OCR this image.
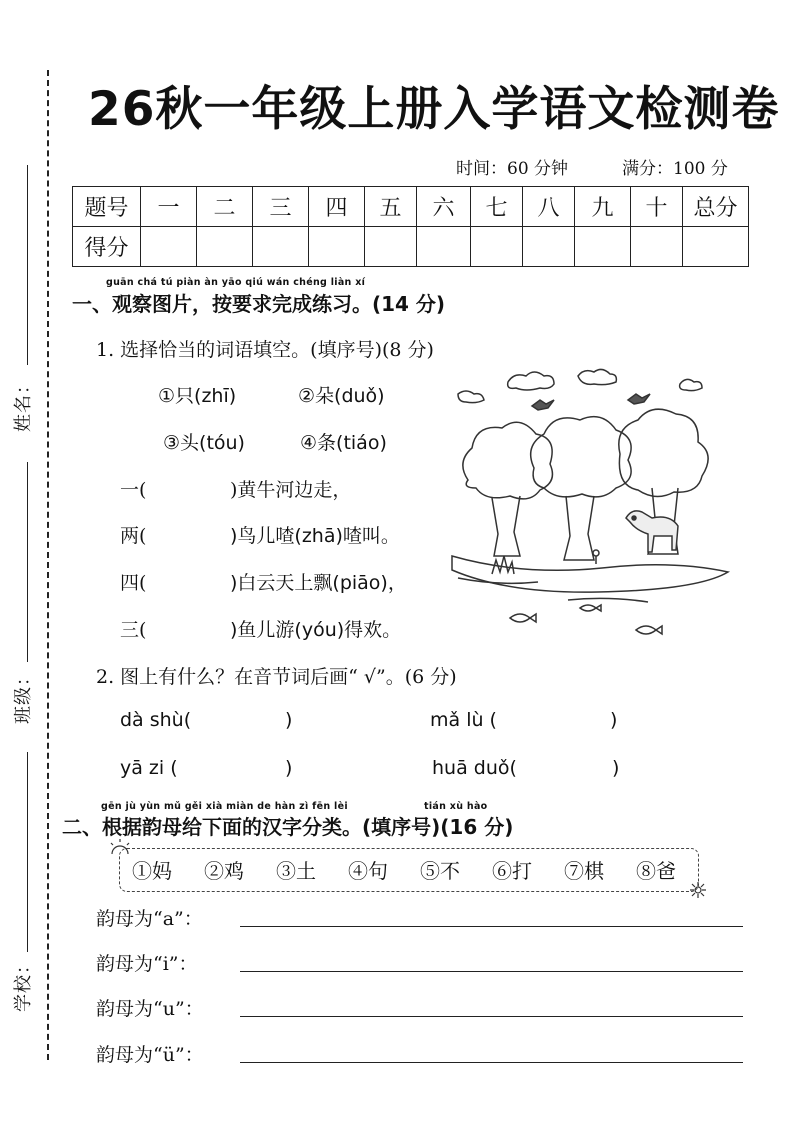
姓名：
班级：
学校：
26秋一年级上册入学语文检测卷
时间：60 分钟	满分：100 分
题号	一	二	三	四	五	六	七	八	九	十	总分
得分											
guān chá tú piàn àn yāo qiú wán chéng liàn xí
一、观察图片，按要求完成练习。(14 分)
1. 选择恰当的词语填空。(填序号)(8 分)
①只(zhī)	②朵(duǒ)
③头(tóu)	④条(tiáo)
一(	)黄牛河边走，
两(	)鸟儿喳(zhā)喳叫。
四(	)白云天上飘(piāo)，
三(	)鱼儿游(yóu)得欢。
2. 图上有什么？在音节词后画“ √”。(6 分)
dà shù(	)	mǎ lù (	)
yā zi (	)	huā duǒ(	)
gēn jù yùn mǔ gěi xià miàn de hàn zì fēn lèi	tián xù hào
二、根据韵母给下面的汉字分类。(填序号)(16 分)
①妈 ②鸡 ③土 ④句 ⑤不 ⑥打 ⑦棋 ⑧爸
韵母为“a”：
韵母为“i”：
韵母为“u”：
韵母为“ü”：
